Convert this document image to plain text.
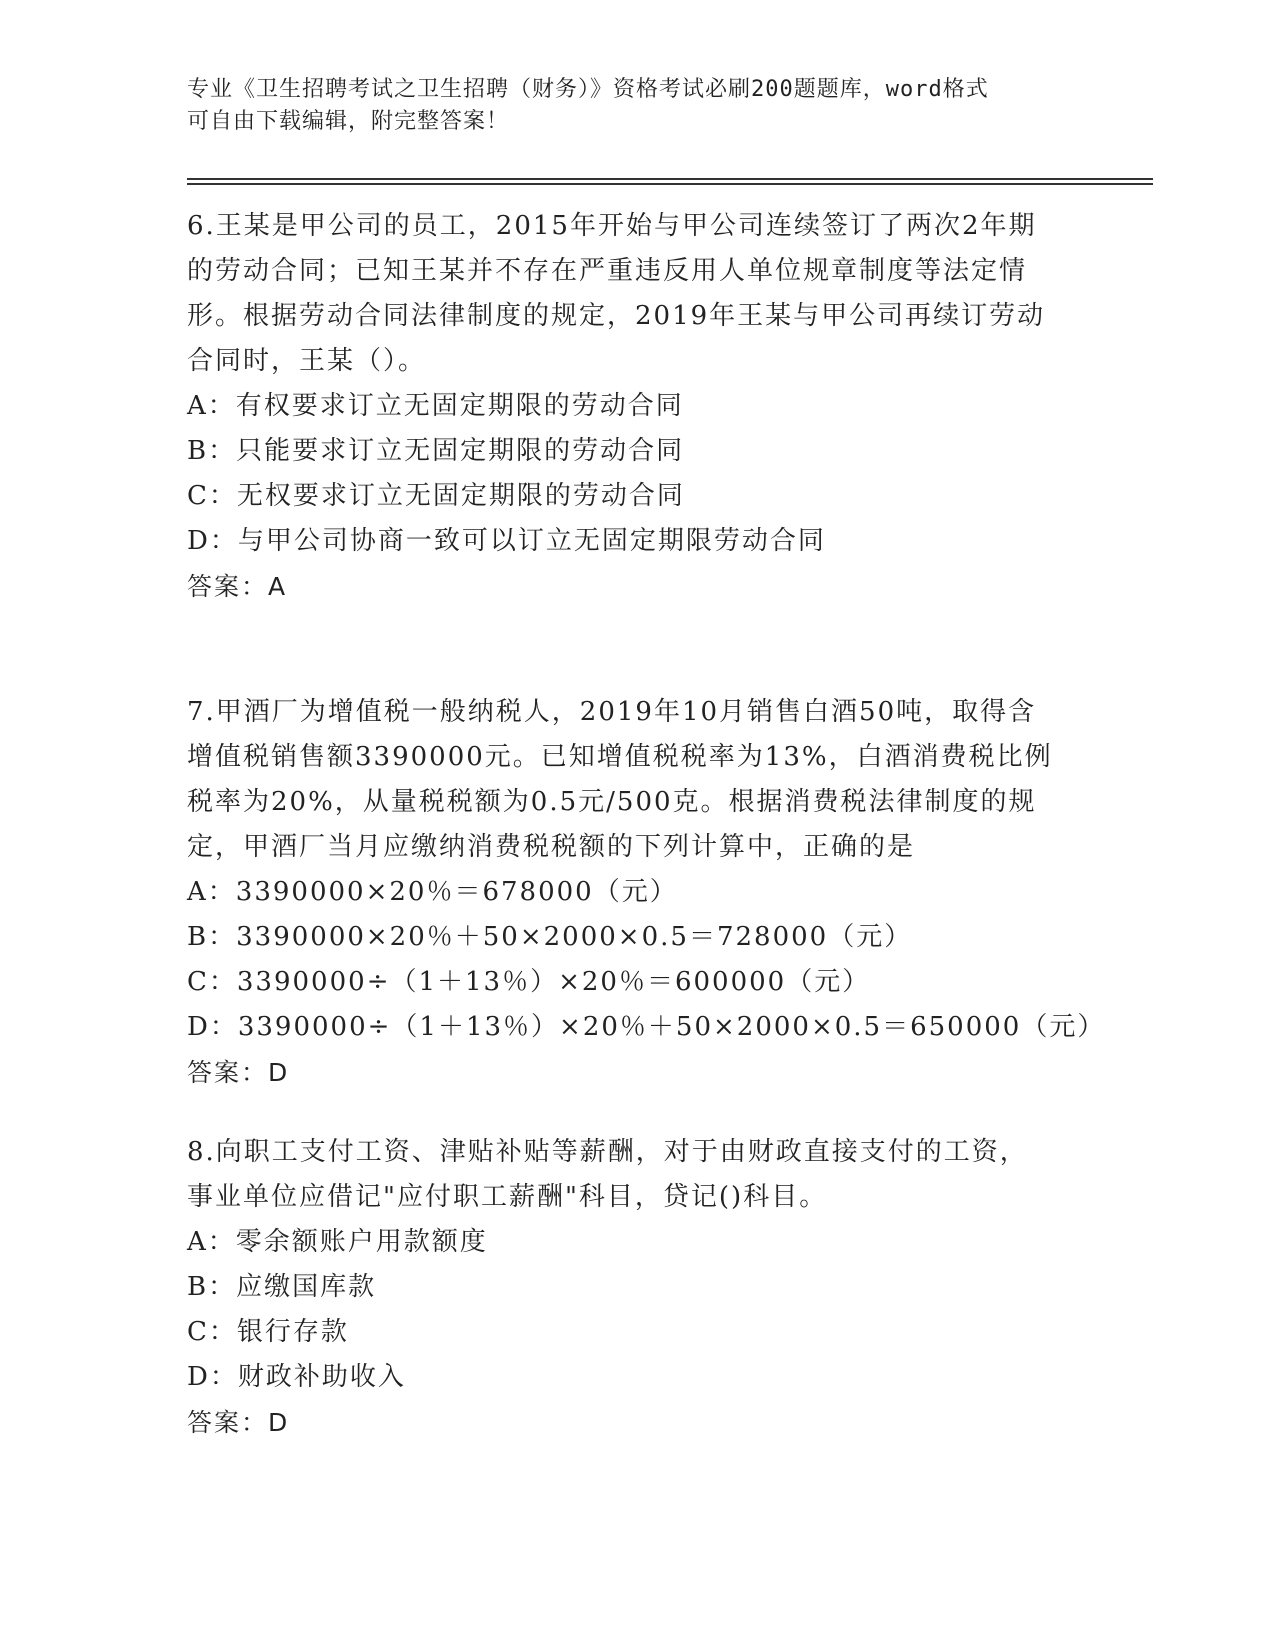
专业《卫生招聘考试之卫生招聘（财务）》资格考试必刷200题题库，word格式
可自由下载编辑，附完整答案！
6.王某是甲公司的员工，2015年开始与甲公司连续签订了两次2年期
的劳动合同；已知王某并不存在严重违反用人单位规章制度等法定情
形。根据劳动合同法律制度的规定，2019年王某与甲公司再续订劳动
合同时，王某（）。
A：有权要求订立无固定期限的劳动合同
B：只能要求订立无固定期限的劳动合同
C：无权要求订立无固定期限的劳动合同
D：与甲公司协商一致可以订立无固定期限劳动合同
答案：A
7.甲酒厂为增值税一般纳税人，2019年10月销售白酒50吨，取得含
增值税销售额3390000元。已知增值税税率为13%，白酒消费税比例
税率为20%，从量税税额为0.5元/500克。根据消费税法律制度的规
定，甲酒厂当月应缴纳消费税税额的下列计算中，正确的是
A：3390000×20％＝678000（元）
B：3390000×20％＋50×2000×0.5＝728000（元）
C：3390000÷（1＋13％）×20％＝600000（元）
D：3390000÷（1＋13％）×20％＋50×2000×0.5＝650000（元）
答案：D
8.向职工支付工资、津贴补贴等薪酬，对于由财政直接支付的工资，
事业单位应借记"应付职工薪酬"科目，贷记()科目。
A：零余额账户用款额度
B：应缴国库款
C：银行存款
D：财政补助收入
答案：D
